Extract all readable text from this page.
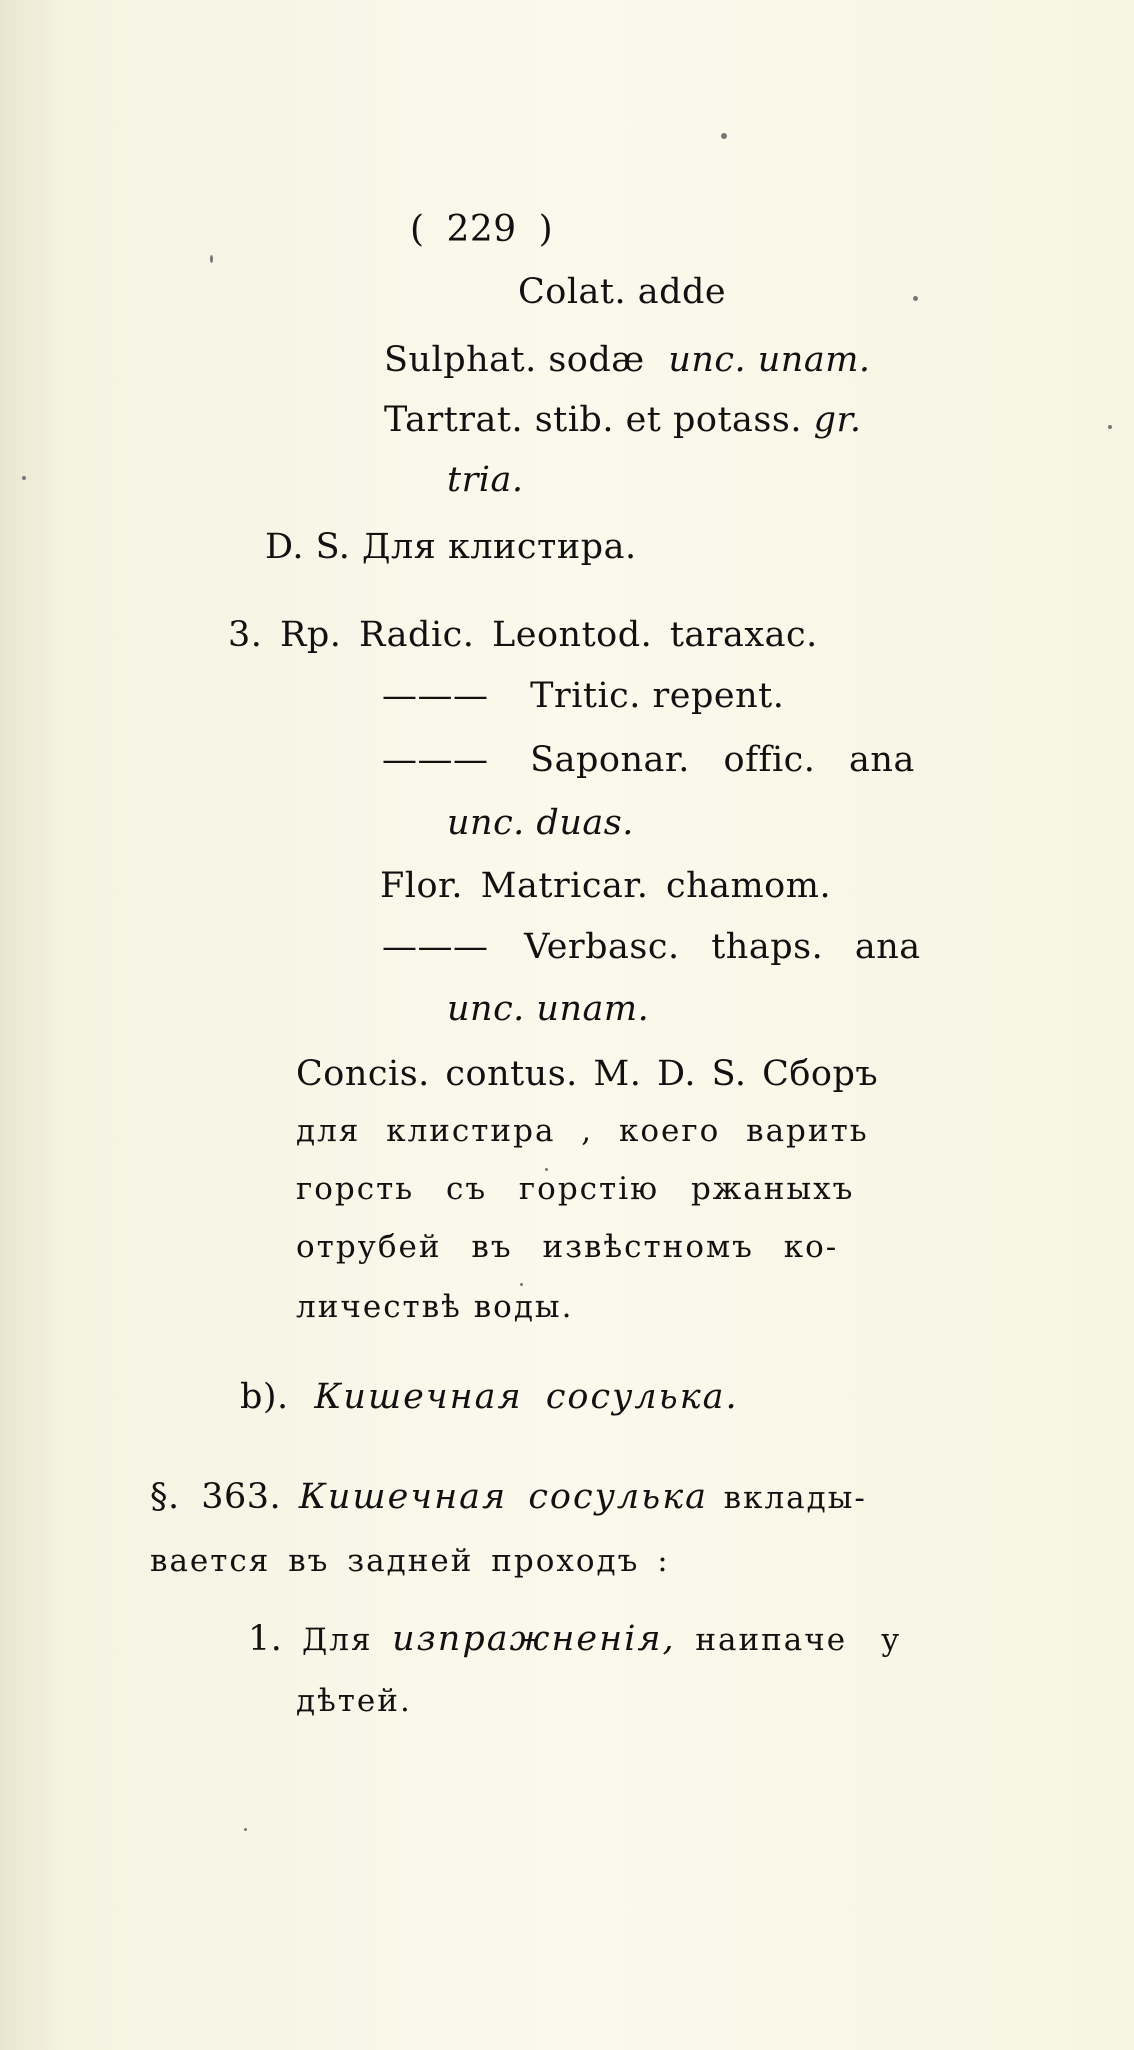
( 229 )
Colat. adde
Sulphat. sodæ unc. unam.
Tartrat. stib. et potass. gr.
tria.
D. S. Для клистира.
3. Rp. Radic. Leontod. taraxac.
——— Tritic. repent.
——— Saponar. offic. ana
unc. duas.
Flor. Matricar. chamom.
——— Verbasc. thaps. ana
unc. unam.
Concis. contus. M. D. S. Сборъ
для клистира , коего варить
горсть съ горстію ржаныхъ
отрубей въ извѣстномъ ко-
личествѣ воды.
b). Кишечная сосулька.
§. 363. Кишечная сосулька вклады-
вается въ задней проходъ :
1. Для изпражненія, наипаче у
дѣтей.
